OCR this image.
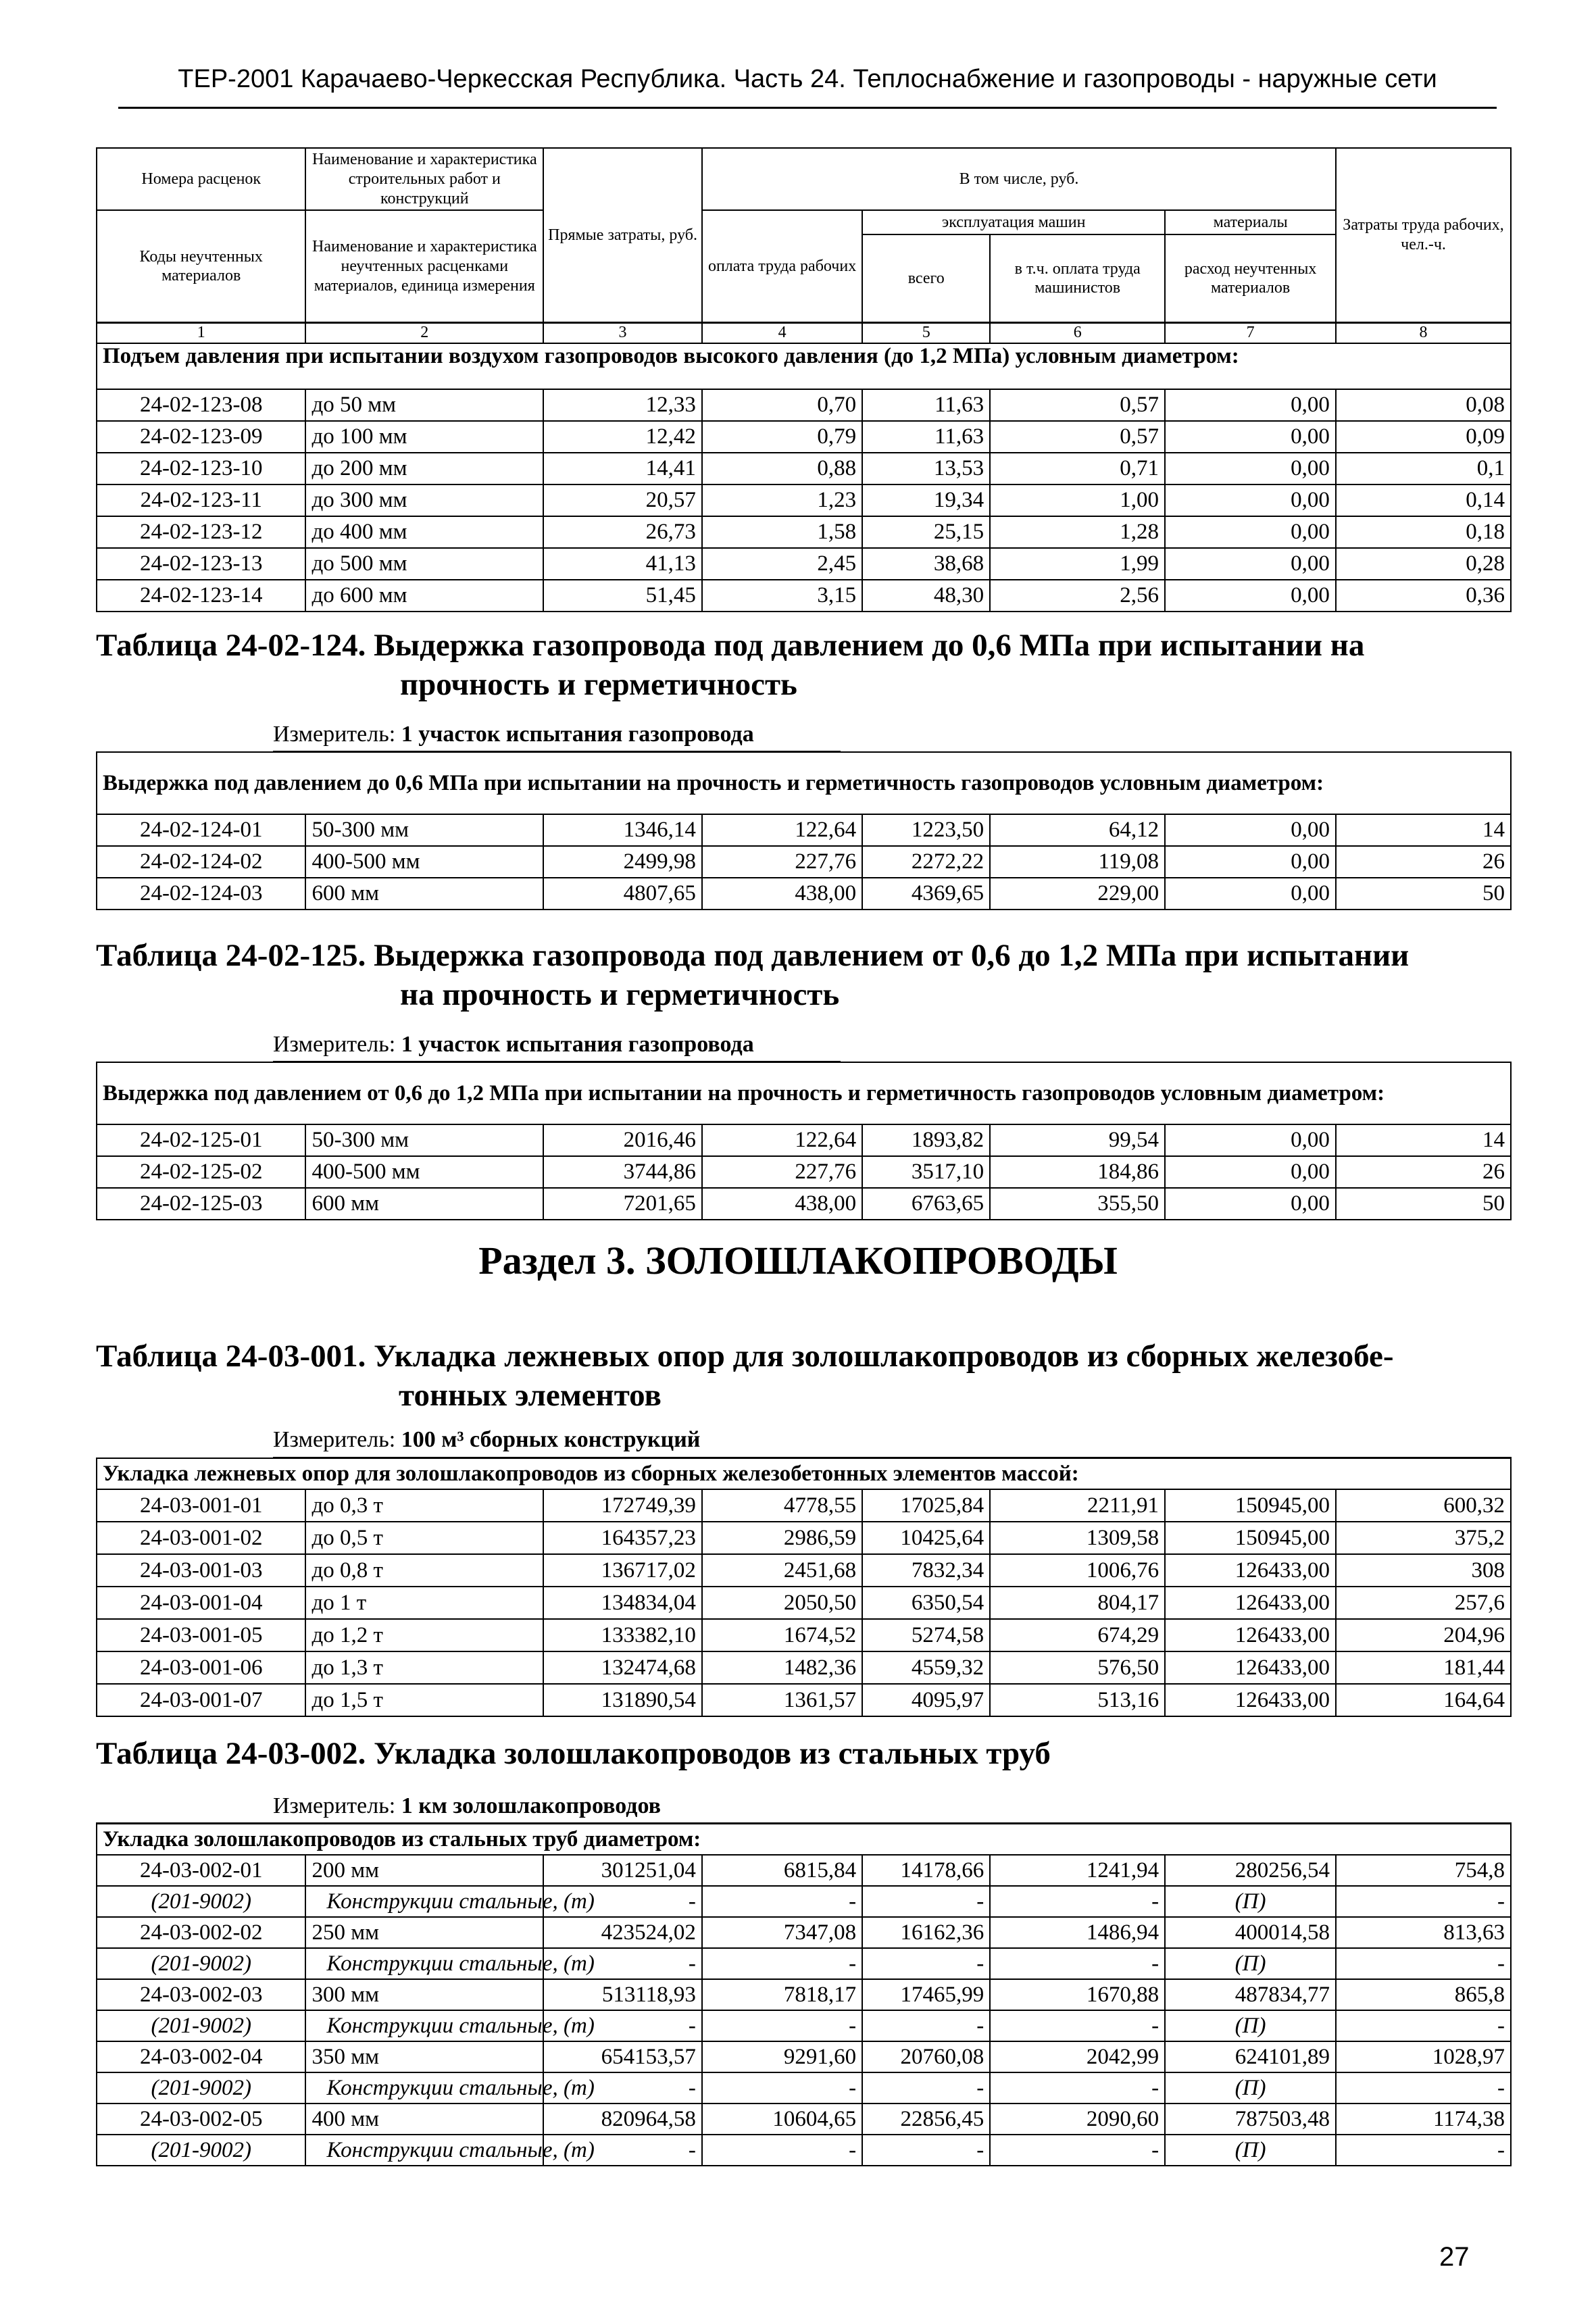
ТЕР-2001 Карачаево-Черкесская Республика. Часть 24. Теплоснабжение и газопроводы - наружные сети
Номера расценок	Наименование и характеристика строительных работ и конструкций	Прямые затраты, руб.	В том числе, руб.				Затраты труда рабочих, чел.-ч.
Коды неучтенных материалов	Наименование и характеристика неучтенных расценками материалов, единица измерения		оплата труда рабочих	эксплуатация машин		материалы	
				всего	в т.ч. оплата труда машинистов	расход неучтенных материалов	
1	2	3	4	5	6	7	8
Подъем давления при испытании воздухом газопроводов высокого давления (до 1,2 МПа) условным диаметром:							
24-02-123-08	до 50 мм	12,33	0,70	11,63	0,57	0,00	0,08
24-02-123-09	до 100 мм	12,42	0,79	11,63	0,57	0,00	0,09
24-02-123-10	до 200 мм	14,41	0,88	13,53	0,71	0,00	0,1
24-02-123-11	до 300 мм	20,57	1,23	19,34	1,00	0,00	0,14
24-02-123-12	до 400 мм	26,73	1,58	25,15	1,28	0,00	0,18
24-02-123-13	до 500 мм	41,13	2,45	38,68	1,99	0,00	0,28
24-02-123-14	до 600 мм	51,45	3,15	48,30	2,56	0,00	0,36
Таблица 24-02-124. Выдержка газопровода под давлением до 0,6 МПа при испытании на
прочность и герметичность
Измеритель: 1 участок испытания газопровода
Выдержка под давлением до 0,6 МПа при испытании на прочность и герметичность газопроводов условным диаметром:							
24-02-124-01	50-300 мм	1346,14	122,64	1223,50	64,12	0,00	14
24-02-124-02	400-500 мм	2499,98	227,76	2272,22	119,08	0,00	26
24-02-124-03	600 мм	4807,65	438,00	4369,65	229,00	0,00	50
Таблица 24-02-125. Выдержка газопровода под давлением от 0,6 до 1,2 МПа при испытании
на прочность и герметичность
Измеритель: 1 участок испытания газопровода
Выдержка под давлением от 0,6 до 1,2 МПа при испытании на прочность и герметичность газопроводов условным диаметром:							
24-02-125-01	50-300 мм	2016,46	122,64	1893,82	99,54	0,00	14
24-02-125-02	400-500 мм	3744,86	227,76	3517,10	184,86	0,00	26
24-02-125-03	600 мм	7201,65	438,00	6763,65	355,50	0,00	50
Раздел 3. ЗОЛОШЛАКОПРОВОДЫ
Таблица 24-03-001. Укладка лежневых опор для золошлакопроводов из сборных железобе-
тонных элементов
Измеритель: 100 м³ сборных конструкций
Укладка лежневых опор для золошлакопроводов из сборных железобетонных элементов массой:							
24-03-001-01	до 0,3 т	172749,39	4778,55	17025,84	2211,91	150945,00	600,32
24-03-001-02	до 0,5 т	164357,23	2986,59	10425,64	1309,58	150945,00	375,2
24-03-001-03	до 0,8 т	136717,02	2451,68	7832,34	1006,76	126433,00	308
24-03-001-04	до 1 т	134834,04	2050,50	6350,54	804,17	126433,00	257,6
24-03-001-05	до 1,2 т	133382,10	1674,52	5274,58	674,29	126433,00	204,96
24-03-001-06	до 1,3 т	132474,68	1482,36	4559,32	576,50	126433,00	181,44
24-03-001-07	до 1,5 т	131890,54	1361,57	4095,97	513,16	126433,00	164,64
Таблица 24-03-002. Укладка золошлакопроводов из стальных труб
Измеритель: 1 км золошлакопроводов
Укладка золошлакопроводов из стальных труб диаметром:							
24-03-002-01	200 мм	301251,04	6815,84	14178,66	1241,94	280256,54	754,8
(201-9002)	Конструкции стальные, (т)	-	-	-	-	(П)	-
24-03-002-02	250 мм	423524,02	7347,08	16162,36	1486,94	400014,58	813,63
(201-9002)	Конструкции стальные, (т)	-	-	-	-	(П)	-
24-03-002-03	300 мм	513118,93	7818,17	17465,99	1670,88	487834,77	865,8
(201-9002)	Конструкции стальные, (т)	-	-	-	-	(П)	-
24-03-002-04	350 мм	654153,57	9291,60	20760,08	2042,99	624101,89	1028,97
(201-9002)	Конструкции стальные, (т)	-	-	-	-	(П)	-
24-03-002-05	400 мм	820964,58	10604,65	22856,45	2090,60	787503,48	1174,38
(201-9002)	Конструкции стальные, (т)	-	-	-	-	(П)	-
27
